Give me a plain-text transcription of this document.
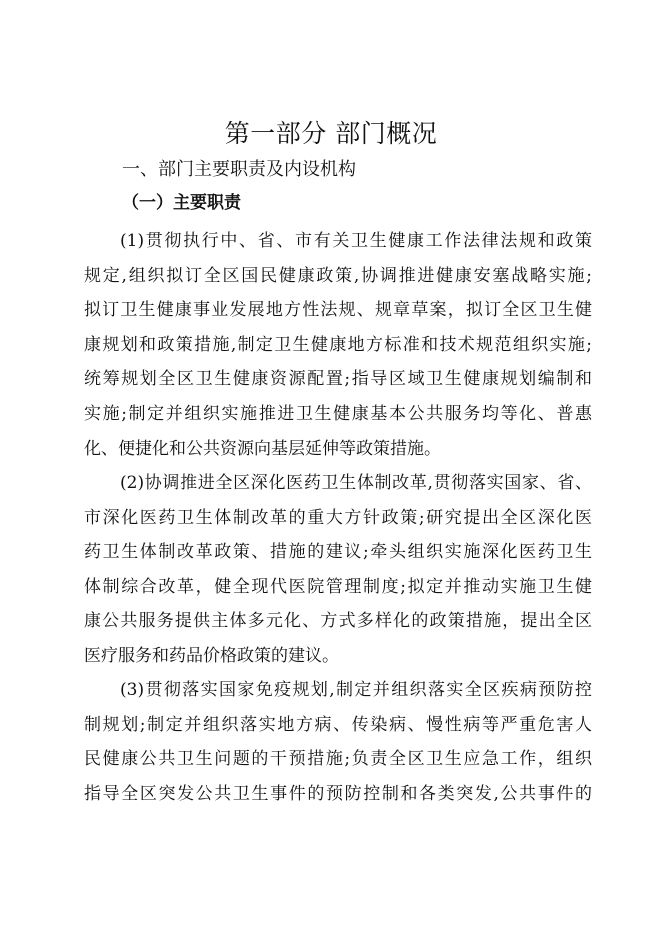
第一部分 部门概况
一、部门主要职责及内设机构
（一）主要职责
(1)贯彻执行中、省、市有关卫生健康工作法律法规和政策
规定,组织拟订全区国民健康政策,协调推进健康安塞战略实施;
拟订卫生健康事业发展地方性法规、规章草案，拟订全区卫生健
康规划和政策措施,制定卫生健康地方标准和技术规范组织实施;
统筹规划全区卫生健康资源配置;指导区域卫生健康规划编制和
实施;制定并组织实施推进卫生健康基本公共服务均等化、普惠
化、便捷化和公共资源向基层延伸等政策措施。
(2)协调推进全区深化医药卫生体制改革,贯彻落实国家、省、
市深化医药卫生体制改革的重大方针政策;研究提出全区深化医
药卫生体制改革政策、措施的建议;牵头组织实施深化医药卫生
体制综合改革，健全现代医院管理制度;拟定并推动实施卫生健
康公共服务提供主体多元化、方式多样化的政策措施，提出全区
医疗服务和药品价格政策的建议。
(3)贯彻落实国家免疫规划,制定并组织落实全区疾病预防控
制规划;制定并组织落实地方病、传染病、慢性病等严重危害人
民健康公共卫生问题的干预措施;负责全区卫生应急工作，组织
指导全区突发公共卫生事件的预防控制和各类突发,公共事件的
